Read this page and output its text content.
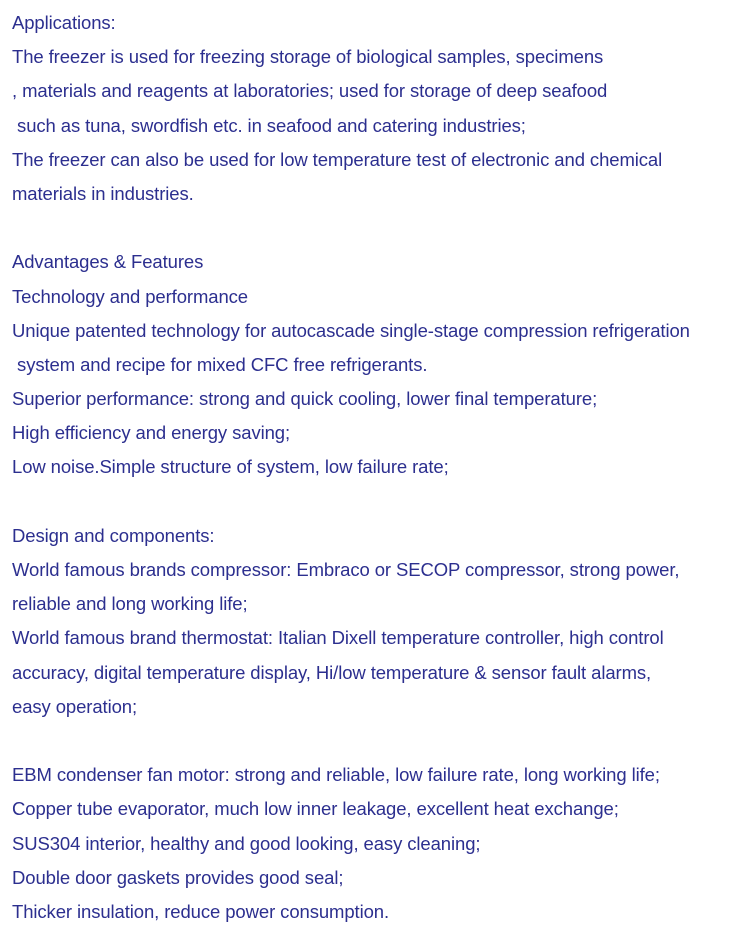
Applications:
The freezer is used for freezing storage of biological samples, specimens
, materials and reagents at laboratories; used for storage of deep seafood
such as tuna, swordfish etc. in seafood and catering industries;
The freezer can also be used for low temperature test of electronic and chemical
materials in industries.
Advantages & Features
Technology and performance
Unique patented technology for autocascade single-stage compression refrigeration
system and recipe for mixed CFC free refrigerants.
Superior performance: strong and quick cooling, lower final temperature;
High efficiency and energy saving;
Low noise.Simple structure of system, low failure rate;
Design and components:
World famous brands compressor: Embraco or SECOP compressor, strong power,
reliable and long working life;
World famous brand thermostat: Italian Dixell temperature controller, high control
accuracy, digital temperature display, Hi/low temperature & sensor fault alarms,
easy operation;
EBM condenser fan motor: strong and reliable, low failure rate, long working life;
Copper tube evaporator, much low inner leakage, excellent heat exchange;
SUS304 interior, healthy and good looking, easy cleaning;
Double door gaskets provides good seal;
Thicker insulation, reduce power consumption.
